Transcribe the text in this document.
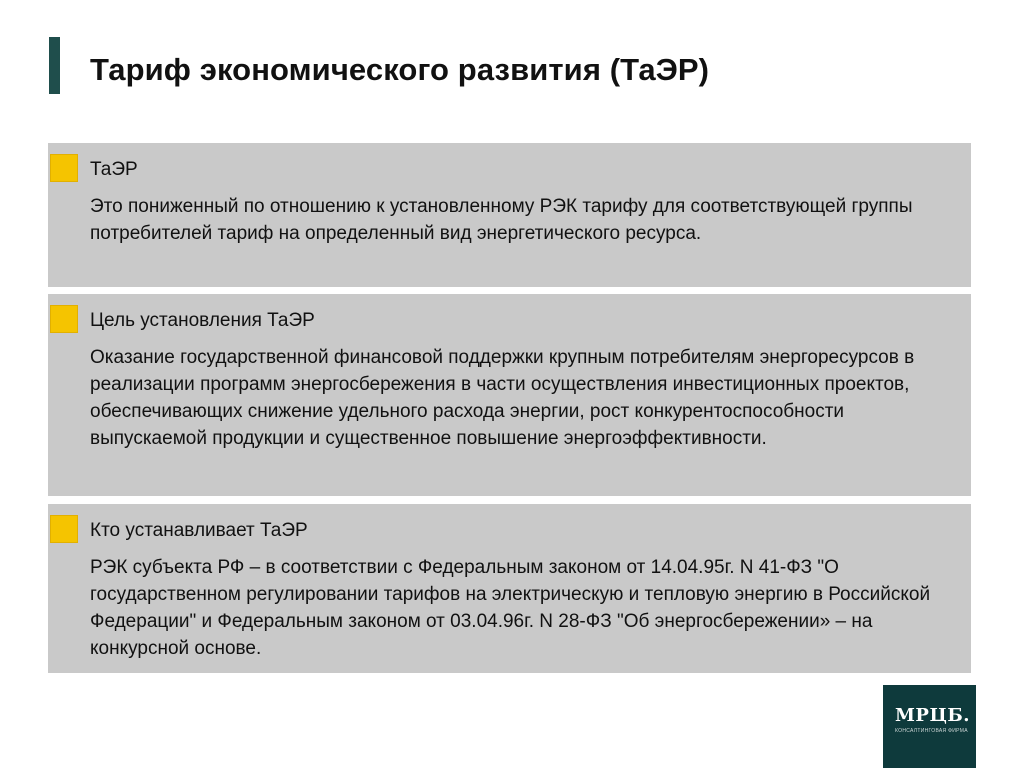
Тариф экономического развития (ТаЭР)
ТаЭР

Это пониженный по отношению к установленному РЭК тарифу для соответствующей группы потребителей тариф на определенный вид энергетического ресурса.

Цель установления ТаЭР

Оказание государственной финансовой поддержки крупным потребителям энергоресурсов в реализации программ энергосбережения в части осуществления инвестиционных проектов, обеспечивающих снижение удельного расхода энергии, рост конкурентоспособности выпускаемой продукции и существенное повышение энергоэффективности.

Кто устанавливает ТаЭР

РЭК субъекта РФ – в соответствии с Федеральным законом от 14.04.95г. N 41-ФЗ "О государственном регулировании тарифов на электрическую и тепловую энергию в Российской Федерации" и Федеральным законом от 03.04.96г. N 28-ФЗ "Об энергосбережении» – на конкурсной основе.

МРЦБ.
КОНСАЛТИНГОВАЯ ФИРМА
